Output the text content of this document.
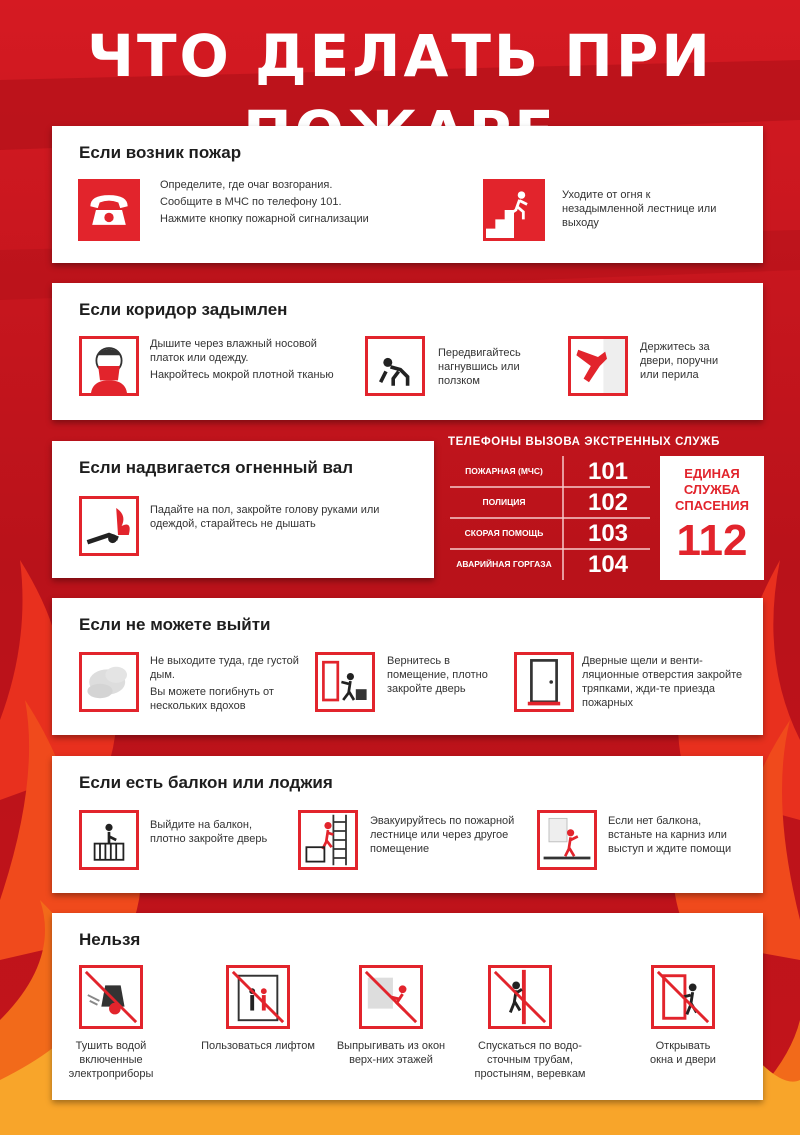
ЧТО ДЕЛАТЬ ПРИ
Если возник пожар

Определите, где очаг возгорания.

Сообщите в МЧС по телефону 101.

Нажмите кнопку пожарной сигнализации

Уходите от огня к незадымленной лестнице или выходу

Если коридор задымлен

Дышите через влажный носовой платок или одежду.

Накройтесь мокрой плотной тканью

Передвигайтесь нагнувшись или ползком

Держитесь за двери, поручни или перила

Если надвигается огненный вал

Падайте на пол, закройте голову руками или одеждой, старайтесь не дышать

ТЕЛЕФОНЫ ВЫЗОВА ЭКСТРЕННЫХ СЛУЖБ
ПОЖАРНАЯ (МЧС)	101
ПОЛИЦИЯ	102
СКОРАЯ ПОМОЩЬ	103
АВАРИЙНАЯ ГОРГАЗА	104
ЕДИНАЯ СЛУЖБА СПАСЕНИЯ
112
Если не можете выйти

Не выходите туда, где густой дым.

Вы можете погибнуть от нескольких вдохов

Вернитесь в помещение, плотно закройте дверь

Дверные щели и венти-ляционные отверстия закройте тряпками, жди-те приезда пожарных

Если есть балкон или лоджия

Выйдите на балкон, плотно закройте дверь

Эвакуируйтесь по пожарной лестнице или через другое помещение

Если нет балкона, встаньте на карниз или выступ и ждите помощи

Нельзя
Тушить водой включенные электроприборы
Пользоваться лифтом	Выпрыгивать из окон верх-них этажей
Спускаться по водо-сточным трубам, простыням, веревкам
Открывать окна и двери
